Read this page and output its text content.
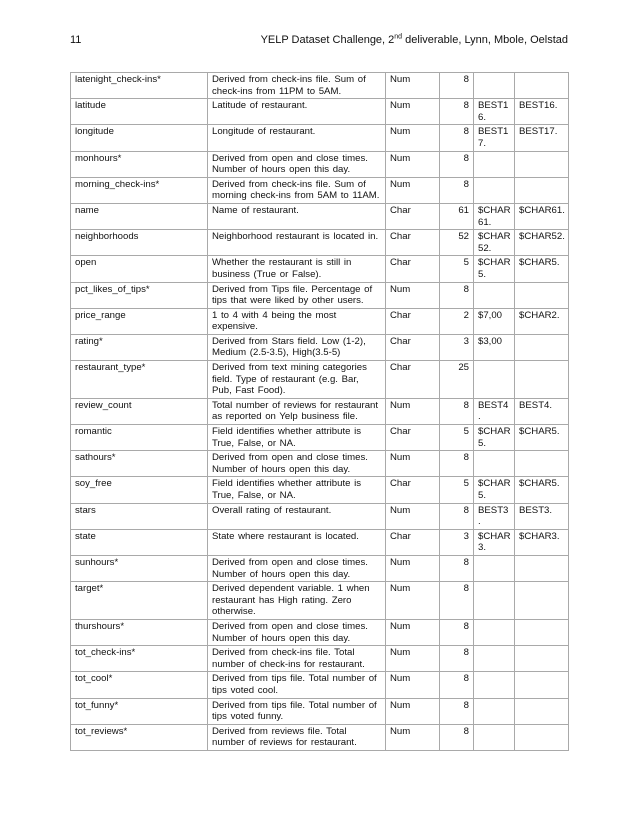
11	YELP Dataset Challenge, 2nd deliverable, Lynn, Mbole, Oelstad
latenight_check-ins*	Derived from check-ins file. Sum of check-ins from 11PM to 5AM.	Num	8		
latitude	Latitude of restaurant.	Num	8	BEST16.	BEST16.
longitude	Longitude of restaurant.	Num	8	BEST17.	BEST17.
monhours*	Derived from open and close times. Number of hours open this day.	Num	8		
morning_check-ins*	Derived from check-ins file. Sum of morning check-ins from 5AM to 11AM.	Num	8		
name	Name of restaurant.	Char	61	$CHAR61.	$CHAR61.
neighborhoods	Neighborhood restaurant is located in.	Char	52	$CHAR52.	$CHAR52.
open	Whether the restaurant is still in business (True or False).	Char	5	$CHAR5.	$CHAR5.
pct_likes_of_tips*	Derived from Tips file. Percentage of tips that were liked by other users.	Num	8		
price_range	1 to 4 with 4 being the most expensive.	Char	2	$7,00	$CHAR2.
rating*	Derived from Stars field. Low (1-2), Medium (2.5-3.5), High(3.5-5)	Char	3	$3,00	
restaurant_type*	Derived from text mining categories field. Type of restaurant (e.g. Bar, Pub, Fast Food).	Char	25		
review_count	Total number of reviews for restaurant as reported on Yelp business file.	Num	8	BEST4.	BEST4.
romantic	Field identifies whether attribute is True, False, or NA.	Char	5	$CHAR5.	$CHAR5.
sathours*	Derived from open and close times. Number of hours open this day.	Num	8		
soy_free	Field identifies whether attribute is True, False, or NA.	Char	5	$CHAR5.	$CHAR5.
stars	Overall rating of restaurant.	Num	8	BEST3.	BEST3.
state	State where restaurant is located.	Char	3	$CHAR3.	$CHAR3.
sunhours*	Derived from open and close times. Number of hours open this day.	Num	8		
target*	Derived dependent variable. 1 when restaurant has High rating. Zero otherwise.	Num	8		
thurshours*	Derived from open and close times. Number of hours open this day.	Num	8		
tot_check-ins*	Derived from check-ins file. Total number of check-ins for restaurant.	Num	8		
tot_cool*	Derived from tips file. Total number of tips voted cool.	Num	8		
tot_funny*	Derived from tips file. Total number of tips voted funny.	Num	8		
tot_reviews*	Derived from reviews file. Total number of reviews for restaurant.	Num	8		
